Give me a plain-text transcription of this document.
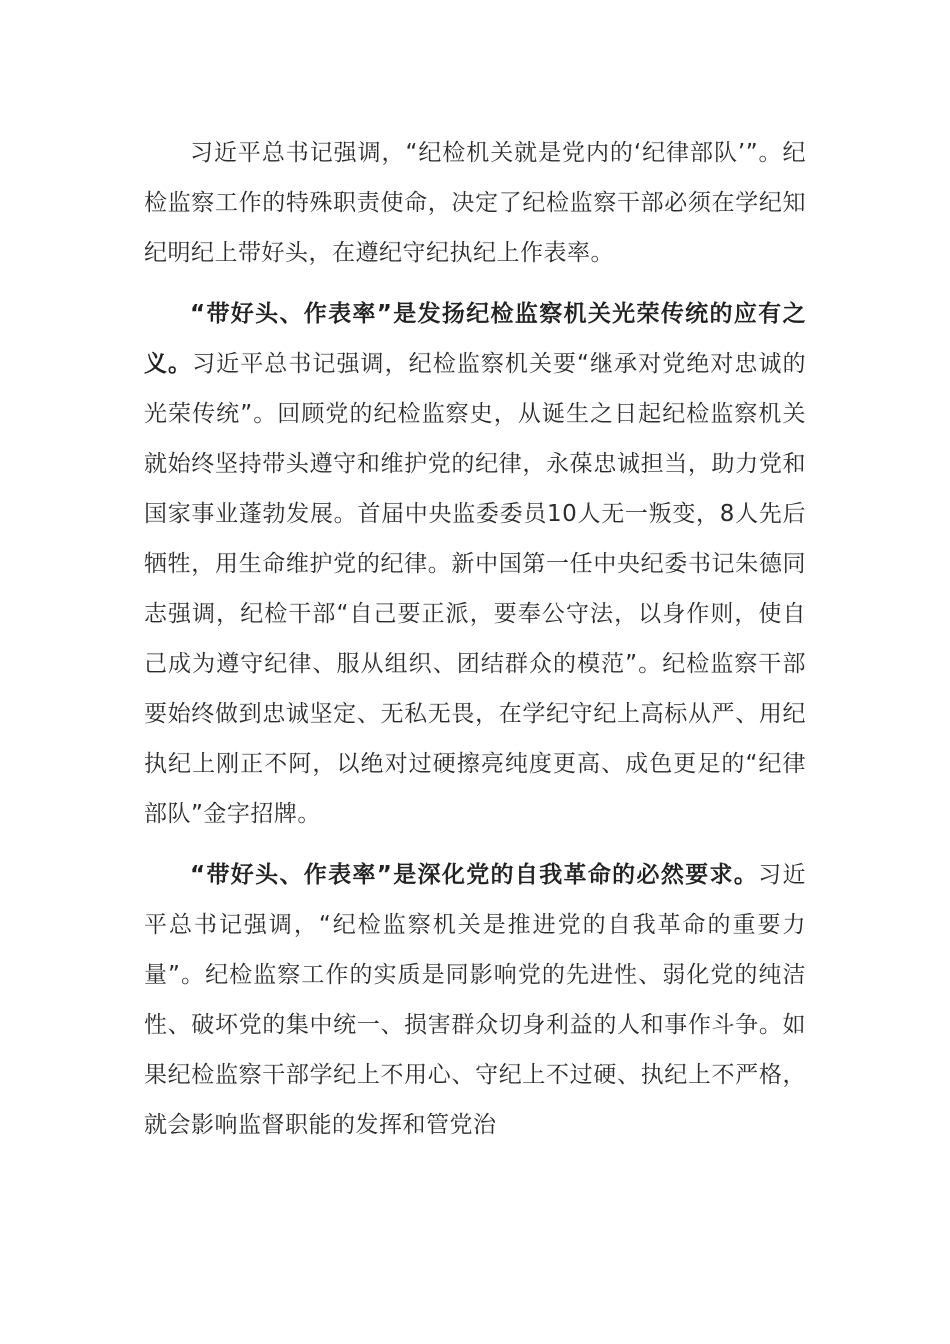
习近平总书记强调，“纪检机关就是党内的‘纪律部队’”。纪检监察工作的特殊职责使命，决定了纪检监察干部必须在学纪知纪明纪上带好头，在遵纪守纪执纪上作表率。

“带好头、作表率”是发扬纪检监察机关光荣传统的应有之义。习近平总书记强调，纪检监察机关要“继承对党绝对忠诚的光荣传统”。回顾党的纪检监察史，从诞生之日起纪检监察机关就始终坚持带头遵守和维护党的纪律，永葆忠诚担当，助力党和国家事业蓬勃发展。首届中央监委委员10人无一叛变，8人先后牺牲，用生命维护党的纪律。新中国第一任中央纪委书记朱德同志强调，纪检干部“自己要正派，要奉公守法，以身作则，使自己成为遵守纪律、服从组织、团结群众的模范”。纪检监察干部要始终做到忠诚坚定、无私无畏，在学纪守纪上高标从严、用纪执纪上刚正不阿，以绝对过硬擦亮纯度更高、成色更足的“纪律部队”金字招牌。

“带好头、作表率”是深化党的自我革命的必然要求。习近平总书记强调，“纪检监察机关是推进党的自我革命的重要力量”。纪检监察工作的实质是同影响党的先进性、弱化党的纯洁性、破坏党的集中统一、损害群众切身利益的人和事作斗争。如果纪检监察干部学纪上不用心、守纪上不过硬、执纪上不严格，就会影响监督职能的发挥和管党治
